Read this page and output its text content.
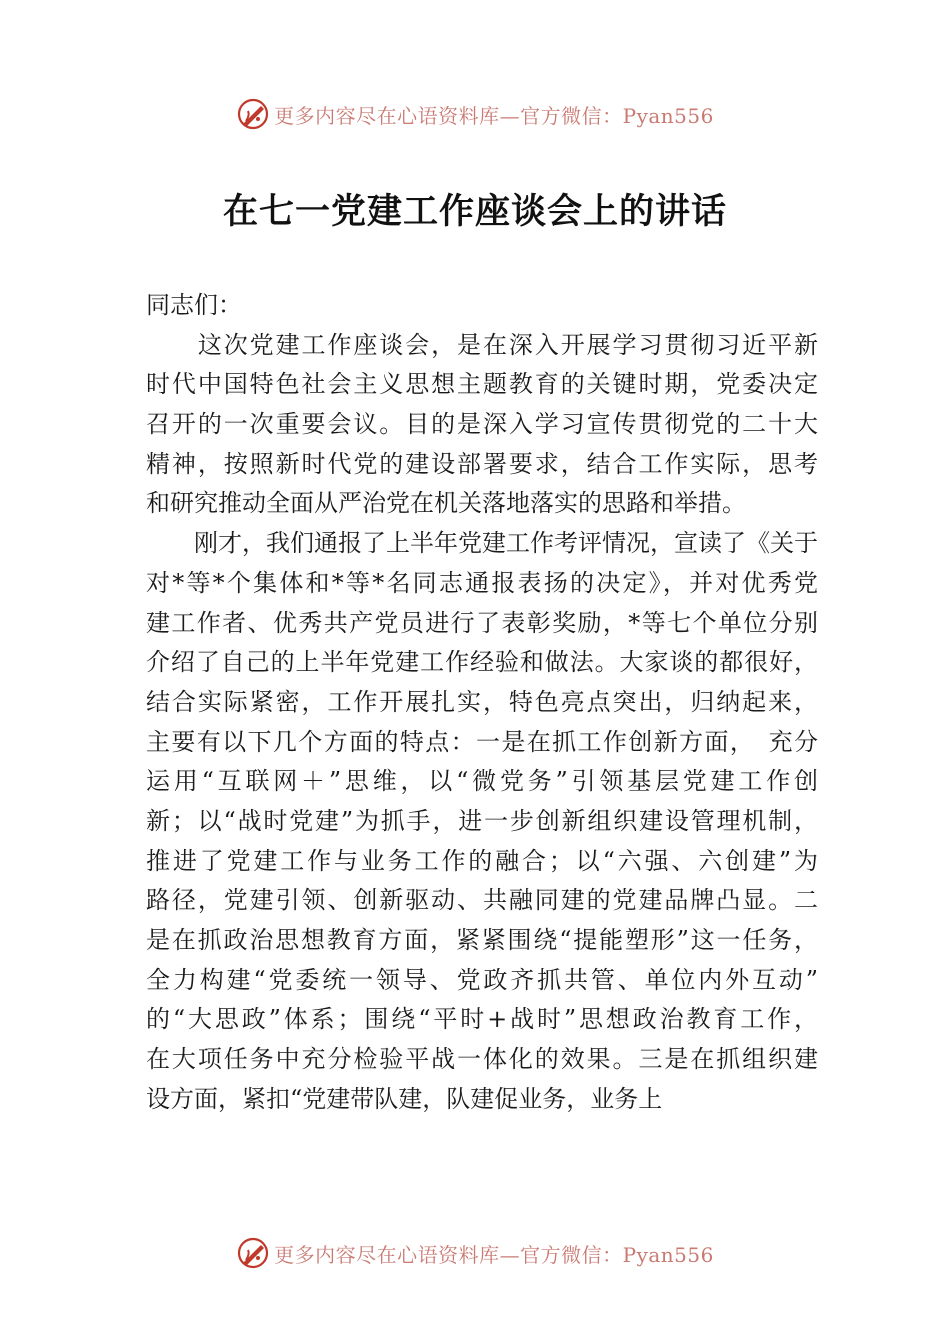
更多内容尽在心语资料库—官方微信：Pyan556
在七一党建工作座谈会上的讲话
同志们：
　　这次党建工作座谈会，是在深入开展学习贯彻习近平新
时代中国特色社会主义思想主题教育的关键时期，党委决定
召开的一次重要会议。目的是深入学习宣传贯彻党的二十大
精神，按照新时代党的建设部署要求，结合工作实际，思考
和研究推动全面从严治党在机关落地落实的思路和举措。
　　刚才，我们通报了上半年党建工作考评情况，宣读了《关于
对*等*个集体和*等*名同志通报表扬的决定》，并对优秀党
建工作者、优秀共产党员进行了表彰奖励，*等七个单位分别
介绍了自己的上半年党建工作经验和做法。大家谈的都很好，
结合实际紧密，工作开展扎实，特色亮点突出，归纳起来，
主要有以下几个方面的特点：一是在抓工作创新方面，　充分
运用“互联网＋”思维，以“微党务”引领基层党建工作创
新；以“战时党建”为抓手，进一步创新组织建设管理机制，
推进了党建工作与业务工作的融合；以“六强、六创建”为
路径，党建引领、创新驱动、共融同建的党建品牌凸显。二
是在抓政治思想教育方面，紧紧围绕“提能塑形”这一任务，
全力构建“党委统一领导、党政齐抓共管、单位内外互动”
的“大思政”体系；围绕“平时+战时”思想政治教育工作，
在大项任务中充分检验平战一体化的效果。三是在抓组织建
设方面，紧扣“党建带队建，队建促业务，业务上
更多内容尽在心语资料库—官方微信：Pyan556
